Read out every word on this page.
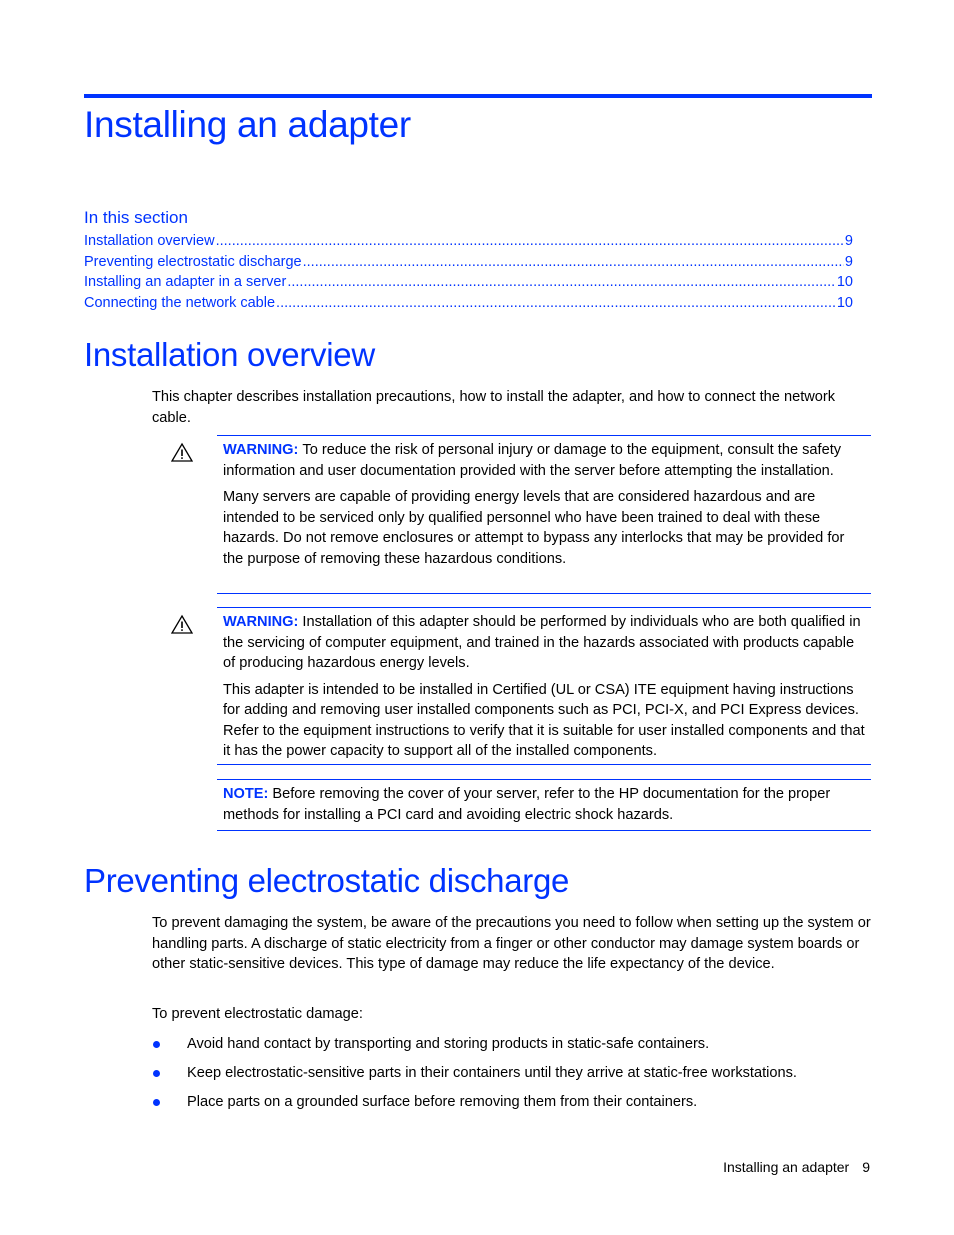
Installing an adapter
In this section
Installation overview .....	9
Preventing electrostatic discharge .....	9
Installing an adapter in a server .....	10
Connecting the network cable .....	10
Installation overview

This chapter describes installation precautions, how to install the adapter, and how to connect the network cable.

WARNING: To reduce the risk of personal injury or damage to the equipment, consult the safety information and user documentation provided with the server before attempting the installation.

Many servers are capable of providing energy levels that are considered hazardous and are intended to be serviced only by qualified personnel who have been trained to deal with these hazards. Do not remove enclosures or attempt to bypass any interlocks that may be provided for the purpose of removing these hazardous conditions.

WARNING: Installation of this adapter should be performed by individuals who are both qualified in the servicing of computer equipment, and trained in the hazards associated with products capable of producing hazardous energy levels.

This adapter is intended to be installed in Certified (UL or CSA) ITE equipment having instructions for adding and removing user installed components such as PCI, PCI-X, and PCI Express devices. Refer to the equipment instructions to verify that it is suitable for user installed components and that it has the power capacity to support all of the installed components.

NOTE: Before removing the cover of your server, refer to the HP documentation for the proper methods for installing a PCI card and avoiding electric shock hazards.

Preventing electrostatic discharge

To prevent damaging the system, be aware of the precautions you need to follow when setting up the system or handling parts. A discharge of static electricity from a finger or other conductor may damage system boards or other static-sensitive devices. This type of damage may reduce the life expectancy of the device.

To prevent electrostatic damage:

Avoid hand contact by transporting and storing products in static-safe containers.
Keep electrostatic-sensitive parts in their containers until they arrive at static-free workstations.
Place parts on a grounded surface before removing them from their containers.
Installing an adapter 9
